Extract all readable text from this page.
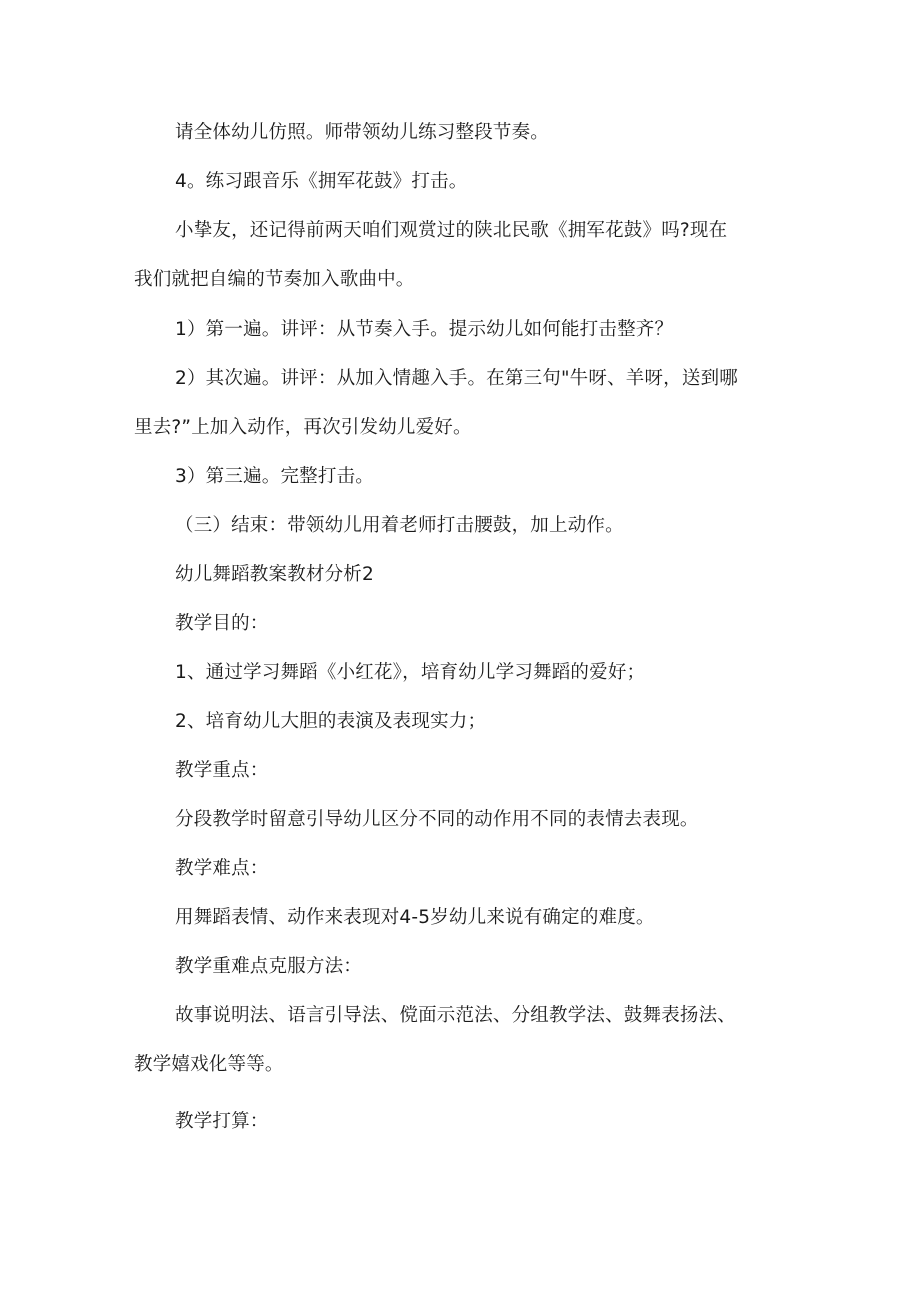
请全体幼儿仿照。师带领幼儿练习整段节奏。
4。练习跟音乐《拥军花鼓》打击。
小挚友，还记得前两天咱们观赏过的陕北民歌《拥军花鼓》吗?现在
我们就把自编的节奏加入歌曲中。
1）第一遍。讲评：从节奏入手。提示幼儿如何能打击整齐？
2）其次遍。讲评：从加入情趣入手。在第三句"牛呀、羊呀，送到哪
里去?”上加入动作，再次引发幼儿爱好。
3）第三遍。完整打击。
（三）结束：带领幼儿用着老师打击腰鼓，加上动作。
幼儿舞蹈教案教材分析2
教学目的：
1、通过学习舞蹈《小红花》，培育幼儿学习舞蹈的爱好；
2、培育幼儿大胆的表演及表现实力；
教学重点：
分段教学时留意引导幼儿区分不同的动作用不同的表情去表现。
教学难点：
用舞蹈表情、动作来表现对4-5岁幼儿来说有确定的难度。
教学重难点克服方法：
故事说明法、语言引导法、傥面示范法、分组教学法、鼓舞表扬法、
教学嬉戏化等等。
教学打算：
